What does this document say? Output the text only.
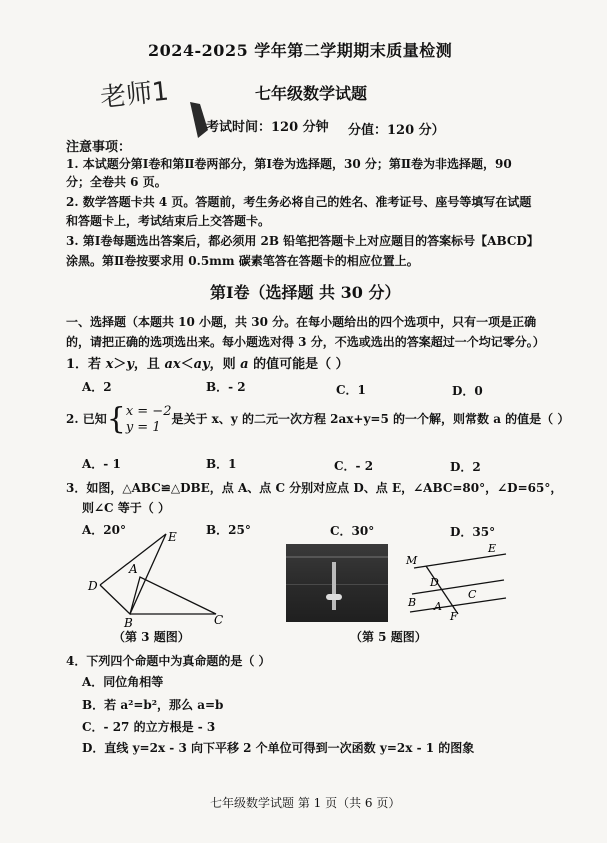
2024-2025 学年第二学期期末质量检测
老师1	七年级数学试题
考试时间：120 分钟 分值：120 分）
注意事项：
1. 本试题分第Ⅰ卷和第Ⅱ卷两部分，第Ⅰ卷为选择题，30 分；第Ⅱ卷为非选择题，90
分；全卷共 6 页。
2. 数学答题卡共 4 页。答题前，考生务必将自己的姓名、准考证号、座号等填写在试题
和答题卡上，考试结束后上交答题卡。
3. 第Ⅰ卷每题选出答案后，都必须用 2B 铅笔把答题卡上对应题目的答案标号【ABCD】
涂黑。第Ⅱ卷按要求用 0.5mm 碳素笔答在答题卡的相应位置上。
第Ⅰ卷（选择题 共 30 分）
一、选择题（本题共 10 小题，共 30 分。在每小题给出的四个选项中，只有一项是正确
的，请把正确的选项选出来。每小题选对得 3 分，不选或选出的答案超过一个均记零分。）
1．若 x＞y，且 ax＜ay，则 a 的值可能是（ ）
A．2	B．- 2	C．1	D．0
2. 已知{ x = −2
y = 1
是关于 x、y 的二元一次方程 2ax+y=5 的一个解，则常数 a 的值是（ ）
A．- 1	B．1	C．- 2	D．2
3．如图，△ABC≌△DBE，点 A、点 C 分别对应点 D、点 E，∠ABC=80°，∠D=65°，
则∠C 等于（ ）
A．20°	B．25°	C．30°	D．35°
E
A
D
B	C
（第 3 题图）
M
E
D
C
B A
F
（第 5 题图）
4．下列四个命题中为真命题的是（ ）
A．同位角相等
B．若 a²=b²，那么 a=b
C．- 27 的立方根是 - 3
D．直线 y=2x - 3 向下平移 2 个单位可得到一次函数 y=2x - 1 的图象
七年级数学试题 第 1 页（共 6 页）
